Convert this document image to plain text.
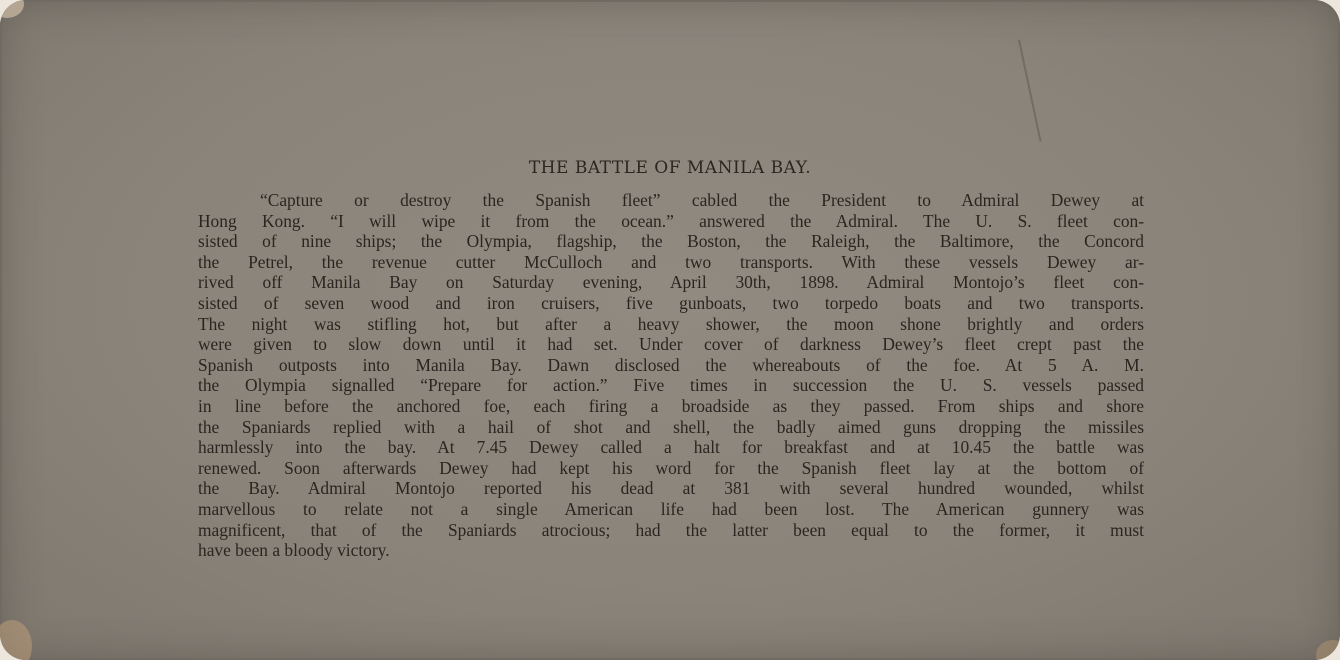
THE BATTLE OF MANILA BAY.
“Capture or destroy the Spanish fleet” cabled the President to Admiral Dewey at
Hong Kong. “I will wipe it from the ocean.” answered the Admiral. The U. S. fleet con-
sisted of nine ships; the Olympia, flagship, the Boston, the Raleigh, the Baltimore, the Concord
the Petrel, the revenue cutter McCulloch and two transports. With these vessels Dewey ar-
rived off Manila Bay on Saturday evening, April 30th, 1898. Admiral Montojo’s fleet con-
sisted of seven wood and iron cruisers, five gunboats, two torpedo boats and two transports.
The night was stifling hot, but after a heavy shower, the moon shone brightly and orders
were given to slow down until it had set. Under cover of darkness Dewey’s fleet crept past the
Spanish outposts into Manila Bay. Dawn disclosed the whereabouts of the foe. At 5 A. M.
the Olympia signalled “Prepare for action.” Five times in succession the U. S. vessels passed
in line before the anchored foe, each firing a broadside as they passed. From ships and shore
the Spaniards replied with a hail of shot and shell, the badly aimed guns dropping the missiles
harmlessly into the bay. At 7.45 Dewey called a halt for breakfast and at 10.45 the battle was
renewed. Soon afterwards Dewey had kept his word for the Spanish fleet lay at the bottom of
the Bay. Admiral Montojo reported his dead at 381 with several hundred wounded, whilst
marvellous to relate not a single American life had been lost. The American gunnery was
magnificent, that of the Spaniards atrocious; had the latter been equal to the former, it must
have been a bloody victory.
